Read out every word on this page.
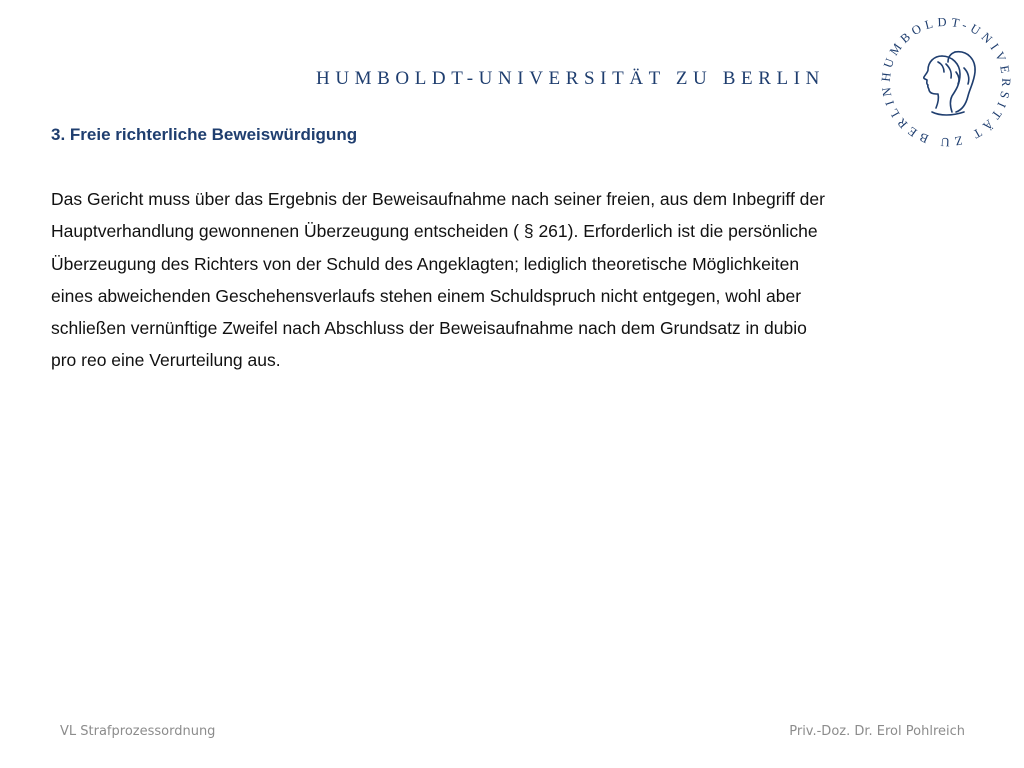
HUMBOLDT-UNIVERSITÄT ZU BERLIN	HUMBOLDT-UNIVERSITÄT ZU BERLIN
3. Freie richterliche Beweiswürdigung
Das Gericht muss über das Ergebnis der Beweisaufnahme nach seiner freien, aus dem Inbegriff der
Hauptverhandlung gewonnenen Überzeugung entscheiden ( § 261). Erforderlich ist die persönliche
Überzeugung des Richters von der Schuld des Angeklagten; lediglich theoretische Möglichkeiten
eines abweichenden Geschehensverlaufs stehen einem Schuldspruch nicht entgegen, wohl aber
schließen vernünftige Zweifel nach Abschluss der Beweisaufnahme nach dem Grundsatz in dubio
pro reo eine Verurteilung aus.
VL Strafprozessordnung	Priv.-Doz. Dr. Erol Pohlreich
